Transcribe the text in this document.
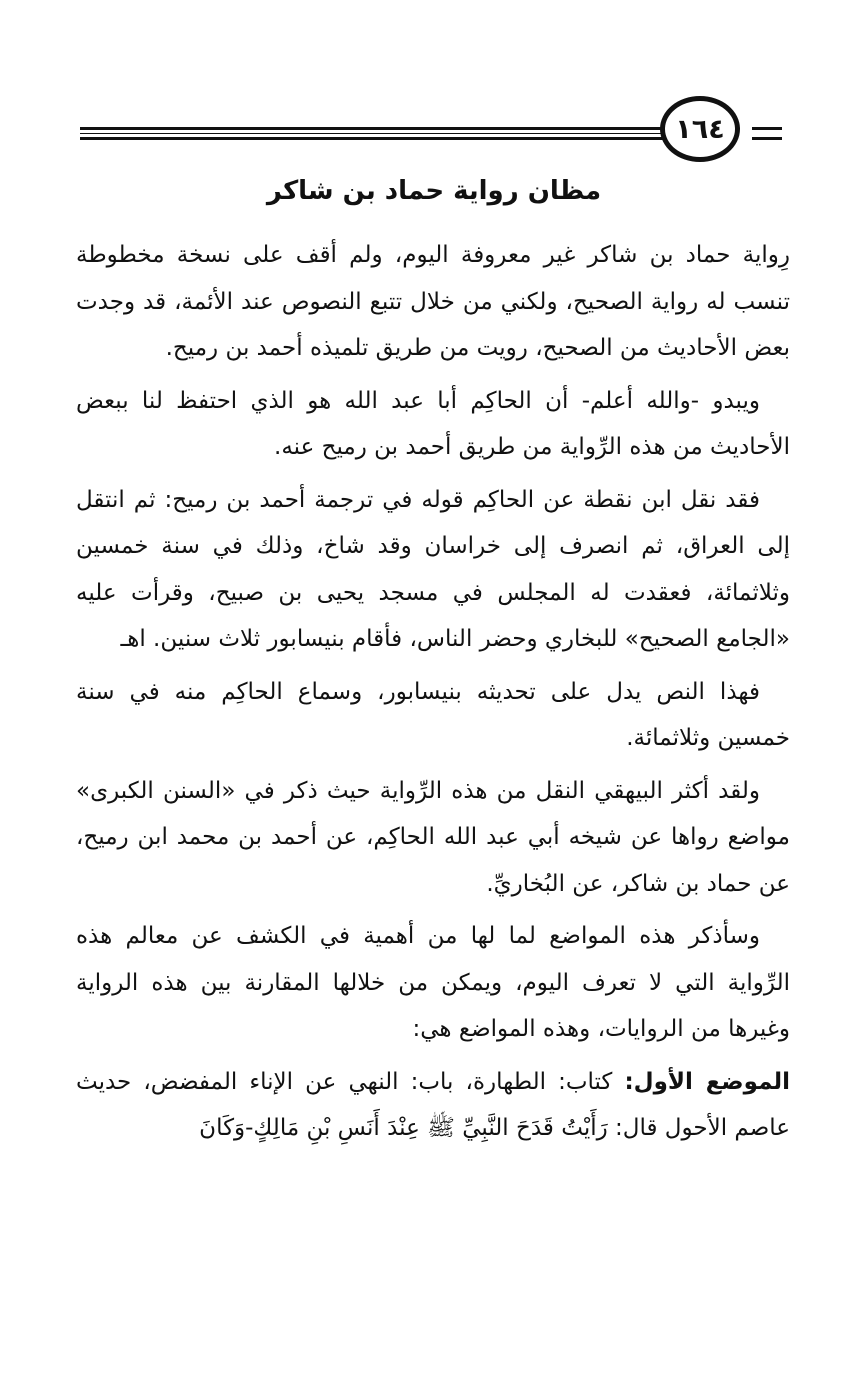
١٦٤
مظان رواية حماد بن شاكر

رِواية حماد بن شاكر غير معروفة اليوم، ولم أقف على نسخة مخطوطة تنسب له رواية الصحيح، ولكني من خلال تتبع النصوص عند الأئمة، قد وجدت بعض الأحاديث من الصحيح، رويت من طريق تلميذه أحمد بن رميح.

ويبدو -والله أعلم- أن الحاكِم أبا عبد الله هو الذي احتفظ لنا ببعض الأحاديث من هذه الرِّواية من طريق أحمد بن رميح عنه.

فقد نقل ابن نقطة عن الحاكِم قوله في ترجمة أحمد بن رميح: ثم انتقل إلى العراق، ثم انصرف إلى خراسان وقد شاخ، وذلك في سنة خمسين وثلاثمائة، فعقدت له المجلس في مسجد يحيى بن صبيح، وقرأت عليه «الجامع الصحيح» للبخاري وحضر الناس، فأقام بنيسابور ثلاث سنين. اهـ

فهذا النص يدل على تحديثه بنيسابور، وسماع الحاكِم منه في سنة خمسين وثلاثمائة.

ولقد أكثر البيهقي النقل من هذه الرِّواية حيث ذكر في «السنن الكبرى» مواضع رواها عن شيخه أبي عبد الله الحاكِم، عن أحمد بن محمد ابن رميح، عن حماد بن شاكر، عن البُخاريِّ.

وسأذكر هذه المواضع لما لها من أهمية في الكشف عن معالم هذه الرِّواية التي لا تعرف اليوم، ويمكن من خلالها المقارنة بين هذه الرواية وغيرها من الروايات، وهذه المواضع هي:

الموضع الأول: كتاب: الطهارة، باب: النهي عن الإناء المفضض، حديث عاصم الأحول قال: رَأَيْتُ قَدَحَ النَّبِيِّ ﷺ عِنْدَ أَنَسِ بْنِ مَالِكٍ-وَكَانَ
